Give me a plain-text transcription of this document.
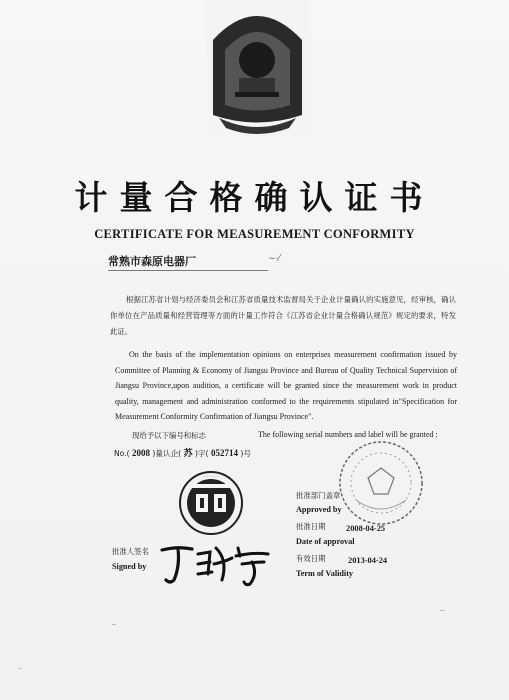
计量合格确认证书
CERTIFICATE FOR MEASUREMENT CONFORMITY
常熟市森原电器厂	~·⁄
根据江苏省计划与经济委员会和江苏省质量技术监督局关于企业计量确认的实施意见，经审核，确认你单位在产品质量和经营管理等方面的计量工作符合《江苏省企业计量合格确认规范》规定的要求，特发此证。
On the basis of the implementation opinions on enterprises measurement confirmation issued by Committee of Planning & Economy of Jiangsu Province and Bureau of Quality Technical Supervision of Jiangsu Province,upon audition, a certificate will be granted since the measurement work in product quality, management and administration conformed to the requirements stipulated in"Specification for Measurement Conformity Confirmation of Jiangsu Province".
现给予以下编号和标志	The following serial numbers and label will be granted :
No.( 2008 )量认企( 苏 )字( 052714 )号
· · · · ·
批准部门盖章
Approved by
批准日期 2008-04-25
Date of approval
有效日期	2013-04-24
Term of Validity
批准人签名
Signed by
